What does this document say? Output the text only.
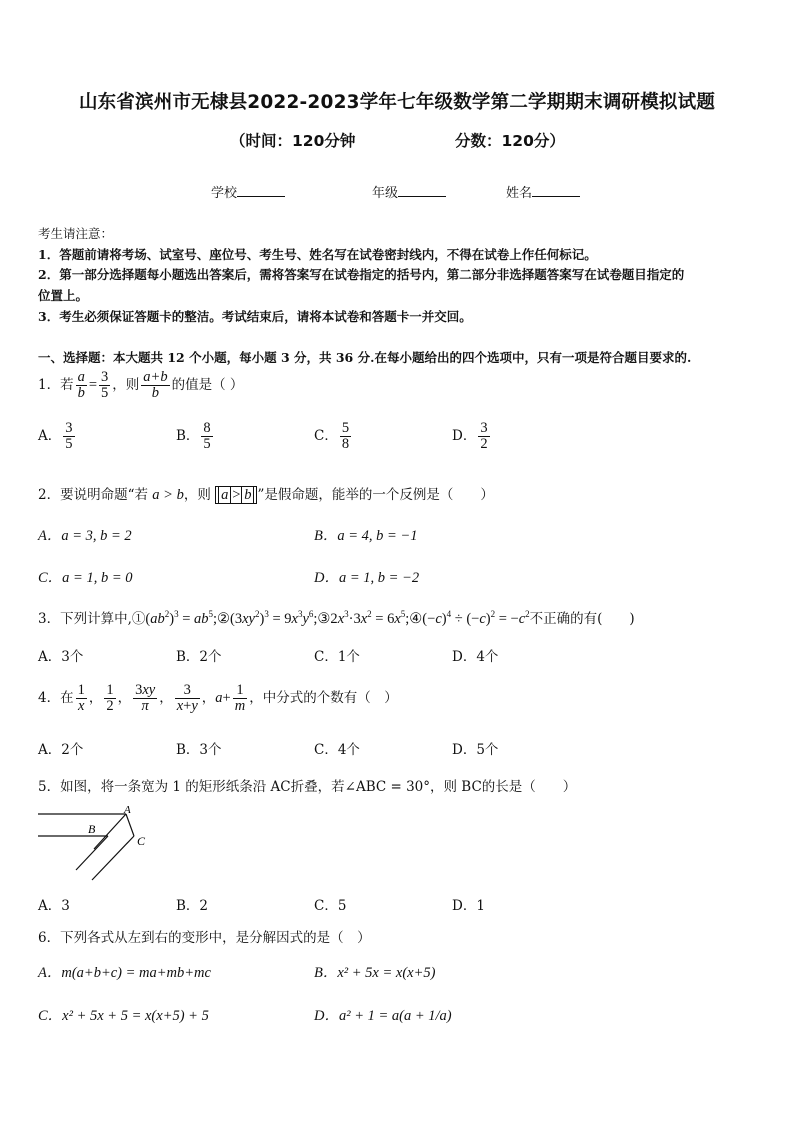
山东省滨州市无棣县2022-2023学年七年级数学第二学期期末调研模拟试题
（时间：120分钟	分数：120分）
学校	年级	姓名
考生请注意：
1．答题前请将考场、试室号、座位号、考生号、姓名写在试卷密封线内，不得在试卷上作任何标记。
2．第一部分选择题每小题选出答案后，需将答案写在试卷指定的括号内，第二部分非选择题答案写在试卷题目指定的
位置上。
3．考生必须保证答题卡的整洁。考试结束后，请将本试卷和答题卡一并交回。
一、选择题：本大题共 12 个小题，每小题 3 分，共 36 分.在每小题给出的四个选项中，只有一项是符合题目要求的.
1．若 $\frac{a}{b} = \frac{3}{5}$ ，则 $\frac{a+b}{b}$ 的值是（ ）
A． $\frac{3}{5}$	B． $\frac{8}{5}$	C． $\frac{5}{8}$	D． $\frac{3}{2}$
2．要说明命题“若 a > b，则 a > b ”是假命题，能举的一个反例是（　　）
A．a = 3, b = 2	B．a = 4, b = −1
C．a = 1, b = 0	D．a = 1, b = −2
3．下列计算中$,①(ab^2)^3$ = $ab^5;②(3xy^2)^3$ = $9x^3y^6;③2x^3\cdot 3x^2$ = $6x^5;④(-c)^4 \div (-c)^2 = -c^2$不正确的有(　　)
A．3个	B．2个	C．1个	D．4个
4．在 $\frac{1}{x}$ ， $\frac{1}{2}$ ， $\frac{3xy}{\pi}$ ， $\frac{3}{x+y}$ ，$a+ \frac{1}{m}$ ，中分式的个数有（　）
A．2个	B．3个	C．4个	D．5个
5．如图，将一条宽为 1 的矩形纸条沿 AC折叠，若∠ABC = 30°，则 BC的长是（　　）
A
B
C
A．3	B．2	C．5	D．1
6．下列各式从左到右的变形中，是分解因式的是（　）
A．m(a+b+c) = ma+mb+mc	B．x² + 5x = x(x+5)
C．x² + 5x + 5 = x(x+5) + 5	D．a² + 1 = a(a + 1/a)
